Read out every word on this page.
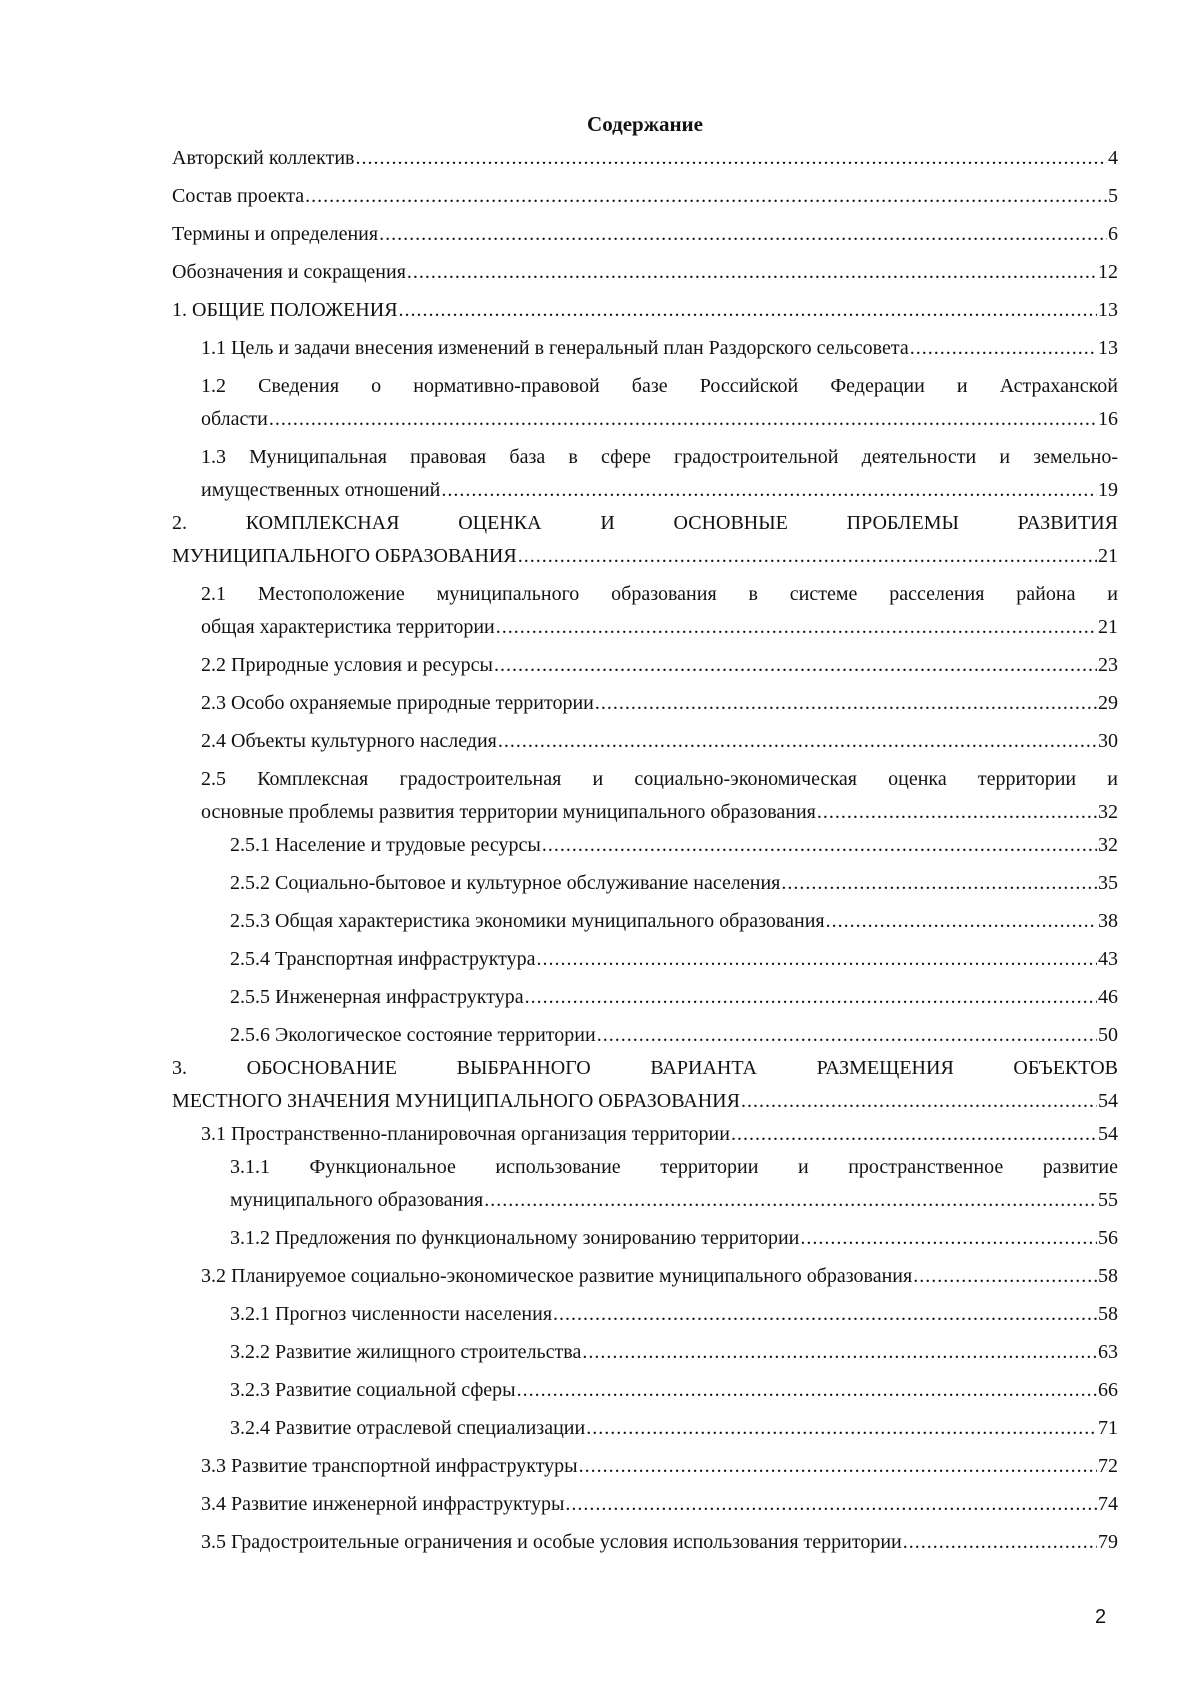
Содержание
Авторский коллектив .....	4
Состав проекта .....	5
Термины и определения .....	6
Обозначения и сокращения .....	12
1. ОБЩИЕ ПОЛОЖЕНИЯ .....	13
1.1 Цель и задачи внесения изменений в генеральный план Раздорского сельсовета .....	13
1.2 Сведения о нормативно-правовой базе Российской Федерации и Астраханской
области .....	16
1.3 Муниципальная правовая база в сфере градостроительной деятельности и земельно-
имущественных отношений .....	19
2. КОМПЛЕКСНАЯ ОЦЕНКА И ОСНОВНЫЕ ПРОБЛЕМЫ РАЗВИТИЯ
МУНИЦИПАЛЬНОГО ОБРАЗОВАНИЯ .....	21
2.1 Местоположение муниципального образования в системе расселения района и
общая характеристика территории .....	21
2.2 Природные условия и ресурсы .....	23
2.3 Особо охраняемые природные территории .....	29
2.4 Объекты культурного наследия .....	30
2.5 Комплексная градостроительная и социально-экономическая оценка территории и
основные проблемы развития территории муниципального образования .....	32
2.5.1 Население и трудовые ресурсы .....	32
2.5.2 Социально-бытовое и культурное обслуживание населения .....	35
2.5.3 Общая характеристика экономики муниципального образования .....	38
2.5.4 Транспортная инфраструктура .....	43
2.5.5 Инженерная инфраструктура .....	46
2.5.6 Экологическое состояние территории .....	50
3. ОБОСНОВАНИЕ ВЫБРАННОГО ВАРИАНТА РАЗМЕЩЕНИЯ ОБЪЕКТОВ
МЕСТНОГО ЗНАЧЕНИЯ МУНИЦИПАЛЬНОГО ОБРАЗОВАНИЯ .....	54
3.1 Пространственно-планировочная организация территории .....	54
3.1.1 Функциональное использование территории и пространственное развитие
муниципального образования .....	55
3.1.2 Предложения по функциональному зонированию территории .....	56
3.2 Планируемое социально-экономическое развитие муниципального образования .....	58
3.2.1 Прогноз численности населения .....	58
3.2.2 Развитие жилищного строительства .....	63
3.2.3 Развитие социальной сферы .....	66
3.2.4 Развитие отраслевой специализации .....	71
3.3 Развитие транспортной инфраструктуры .....	72
3.4 Развитие инженерной инфраструктуры .....	74
3.5 Градостроительные ограничения и особые условия использования территории .....	79
2
